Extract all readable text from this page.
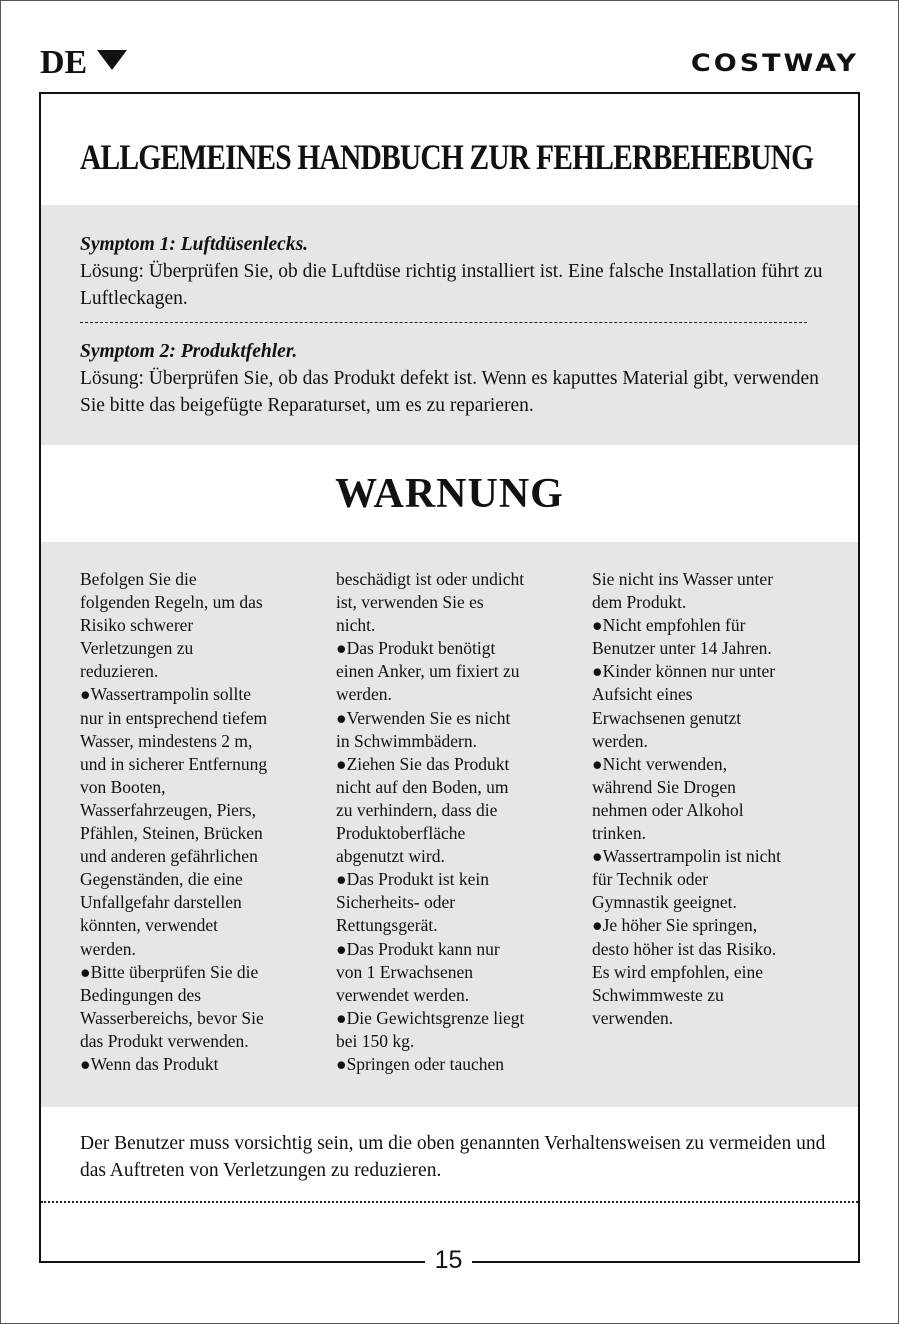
DE	COSTWAY
ALLGEMEINES HANDBUCH ZUR FEHLERBEHEBUNG
Symptom 1: Luftdüsenlecks.
Lösung: Überprüfen Sie, ob die Luftdüse richtig installiert ist. Eine falsche Installation führt zu Luftleckagen.
Symptom 2: Produktfehler.
Lösung: Überprüfen Sie, ob das Produkt defekt ist. Wenn es kaputtes Material gibt, verwenden Sie bitte das beigefügte Reparaturset, um es zu reparieren.
WARNUNG
Befolgen Sie die
folgenden Regeln, um das
Risiko schwerer
Verletzungen zu
reduzieren.
●Wassertrampolin sollte
nur in entsprechend tiefem
Wasser, mindestens 2 m,
und in sicherer Entfernung
von Booten,
Wasserfahrzeugen, Piers,
Pfählen, Steinen, Brücken
und anderen gefährlichen
Gegenständen, die eine
Unfallgefahr darstellen
könnten, verwendet
werden.
●Bitte überprüfen Sie die
Bedingungen des
Wasserbereichs, bevor Sie
das Produkt verwenden.
●Wenn das Produkt
beschädigt ist oder undicht
ist, verwenden Sie es
nicht.
●Das Produkt benötigt
einen Anker, um fixiert zu
werden.
●Verwenden Sie es nicht
in Schwimmbädern.
●Ziehen Sie das Produkt
nicht auf den Boden, um
zu verhindern, dass die
Produktoberfläche
abgenutzt wird.
●Das Produkt ist kein
Sicherheits- oder
Rettungsgerät.
●Das Produkt kann nur
von 1 Erwachsenen
verwendet werden.
●Die Gewichtsgrenze liegt
bei 150 kg.
●Springen oder tauchen
Sie nicht ins Wasser unter
dem Produkt.
●Nicht empfohlen für
Benutzer unter 14 Jahren.
●Kinder können nur unter
Aufsicht eines
Erwachsenen genutzt
werden.
●Nicht verwenden,
während Sie Drogen
nehmen oder Alkohol
trinken.
●Wassertrampolin ist nicht
für Technik oder
Gymnastik geeignet.
●Je höher Sie springen,
desto höher ist das Risiko.
Es wird empfohlen, eine
Schwimmweste zu
verwenden.
Der Benutzer muss vorsichtig sein, um die oben genannten Verhaltensweisen zu vermeiden und das Auftreten von Verletzungen zu reduzieren.
15
